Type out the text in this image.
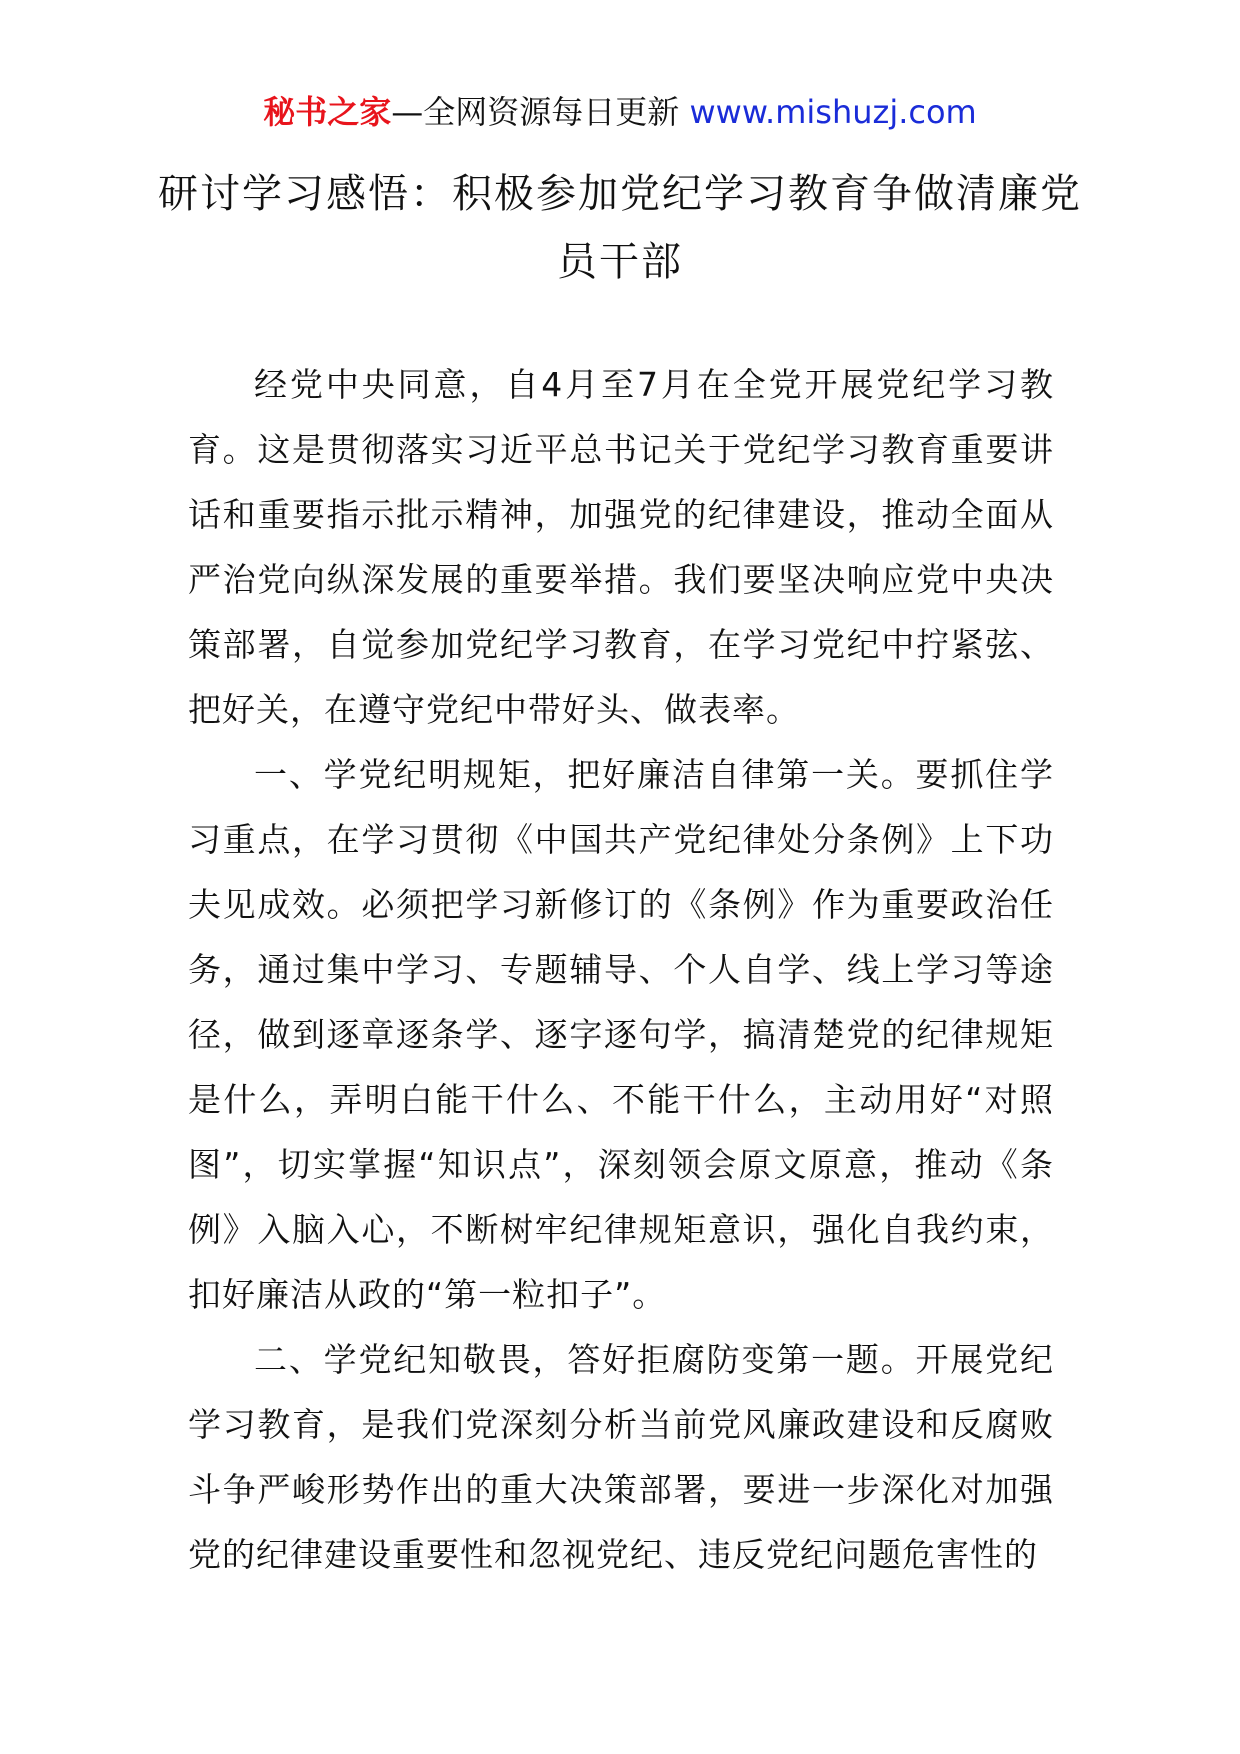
秘书之家—全网资源每日更新 www.mishuzj.com
研讨学习感悟：积极参加党纪学习教育争做清廉党员干部

经党中央同意，自4月至7月在全党开展党纪学习教育。这是贯彻落实习近平总书记关于党纪学习教育重要讲话和重要指示批示精神，加强党的纪律建设，推动全面从严治党向纵深发展的重要举措。我们要坚决响应党中央决策部署，自觉参加党纪学习教育，在学习党纪中拧紧弦、把好关，在遵守党纪中带好头、做表率。

一、学党纪明规矩，把好廉洁自律第一关。要抓住学习重点，在学习贯彻《中国共产党纪律处分条例》上下功夫见成效。必须把学习新修订的《条例》作为重要政治任务，通过集中学习、专题辅导、个人自学、线上学习等途径，做到逐章逐条学、逐字逐句学，搞清楚党的纪律规矩是什么，弄明白能干什么、不能干什么，主动用好“对照图”，切实掌握“知识点”，深刻领会原文原意，推动《条例》入脑入心，不断树牢纪律规矩意识，强化自我约束，扣好廉洁从政的“第一粒扣子”。

二、学党纪知敬畏，答好拒腐防变第一题。开展党纪学习教育，是我们党深刻分析当前党风廉政建设和反腐败斗争严峻形势作出的重大决策部署，要进一步深化对加强党的纪律建设重要性和忽视党纪、违反党纪问题危害性的
